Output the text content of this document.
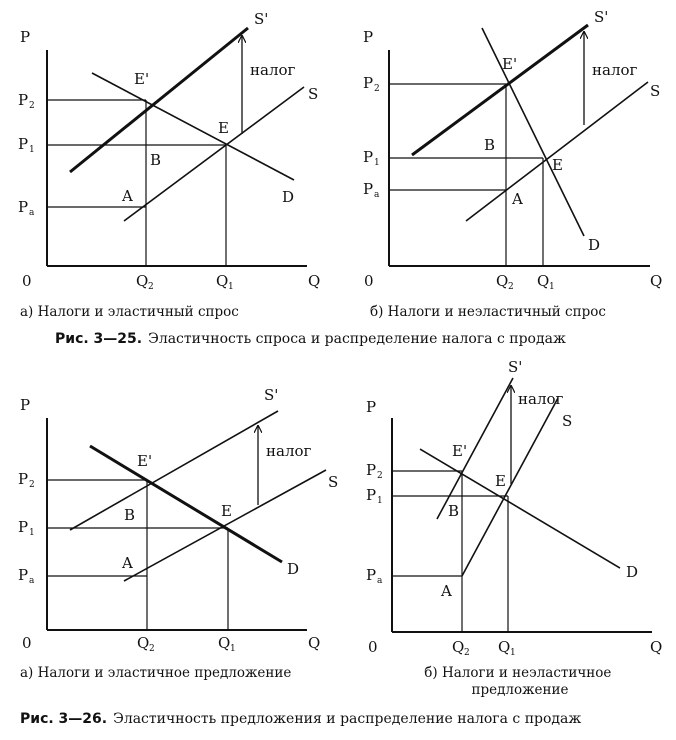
P
Q
0
P 2
P 1
P a
Q 2	Q 1
S'
S
D
E'
E
A
B
налог
P
Q
0
P 2
P 1
P a
Q 2 Q 1
S'
S
D
E'
E
A
B
налог
а) Налоги и эластичный спрос	б) Налоги и неэластичный спрос
Рис. 3—25. Эластичность спроса и распределение налога с продаж
P
Q
0
P 2
P 1
P a
Q 2	Q 1
S'
S
D
E'
E
A
B
налог
P
Q
0
P 2
P 1
P a
Q 2 Q 1
S'
S
D
E'
E
A
B
налог
а) Налоги и эластичное предложение	б) Налоги и неэластичное предложение
Рис. 3—26. Эластичность предложения и распределение налога с продаж
